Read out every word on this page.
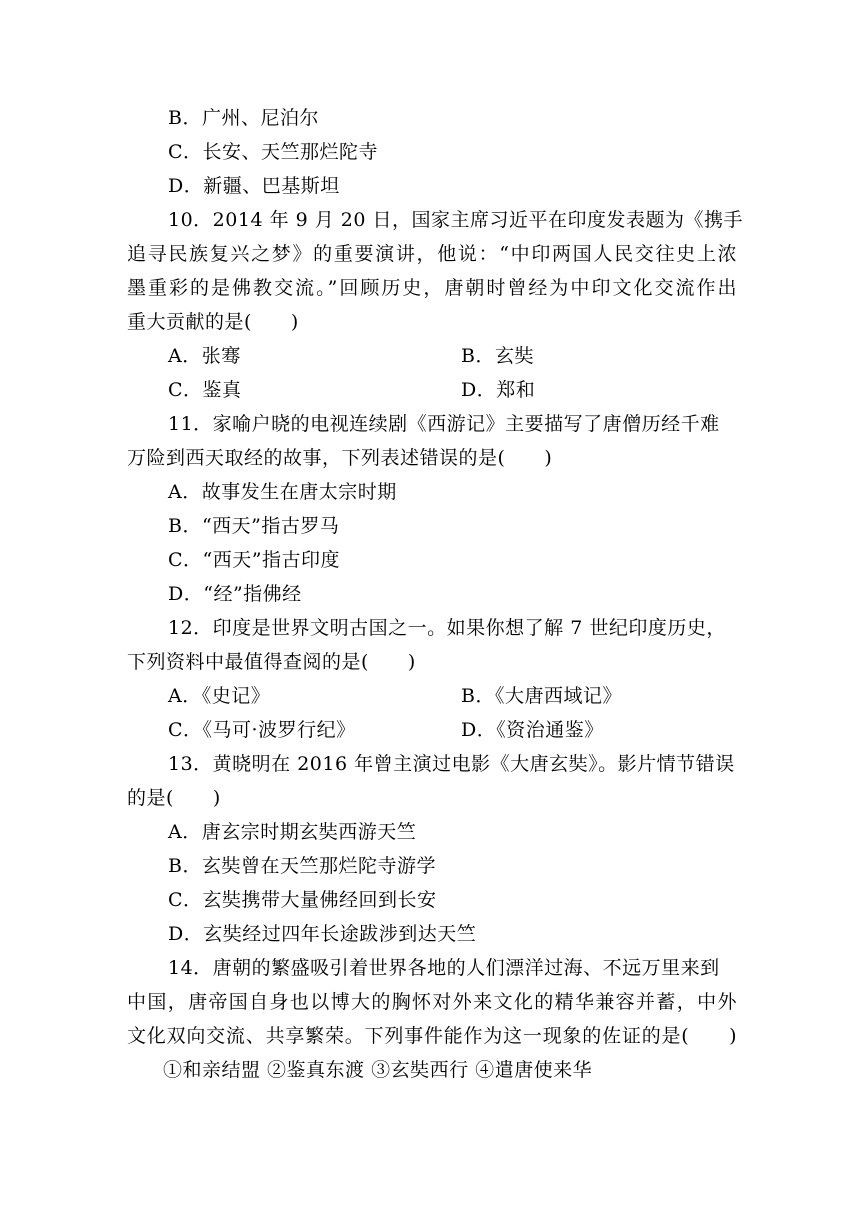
B．广州、尼泊尔
C．长安、天竺那烂陀寺
D．新疆、巴基斯坦
10．2014 年 9 月 20 日，国家主席习近平在印度发表题为《携手
追寻民族复兴之梦》的重要演讲，他说：“中印两国人民交往史上浓
墨重彩的是佛教交流。”回顾历史，唐朝时曾经为中印文化交流作出
重大贡献的是(　　)
A．张骞	B．玄奘
C．鉴真	D．郑和
11．家喻户晓的电视连续剧《西游记》主要描写了唐僧历经千难
万险到西天取经的故事，下列表述错误的是(　　)
A．故事发生在唐太宗时期
B．“西天”指古罗马
C．“西天”指古印度
D．“经”指佛经
12．印度是世界文明古国之一。如果你想了解 7 世纪印度历史，
下列资料中最值得查阅的是(　　)
A．《史记》	B．《大唐西域记》
C．《马可·波罗行纪》	D．《资治通鉴》
13．黄晓明在 2016 年曾主演过电影《大唐玄奘》。影片情节错误
的是(　　)
A．唐玄宗时期玄奘西游天竺
B．玄奘曾在天竺那烂陀寺游学
C．玄奘携带大量佛经回到长安
D．玄奘经过四年长途跋涉到达天竺
14．唐朝的繁盛吸引着世界各地的人们漂洋过海、不远万里来到
中国，唐帝国自身也以博大的胸怀对外来文化的精华兼容并蓄，中外
文化双向交流、共享繁荣。下列事件能作为这一现象的佐证的是(　　)
①和亲结盟 ②鉴真东渡 ③玄奘西行 ④遣唐使来华
